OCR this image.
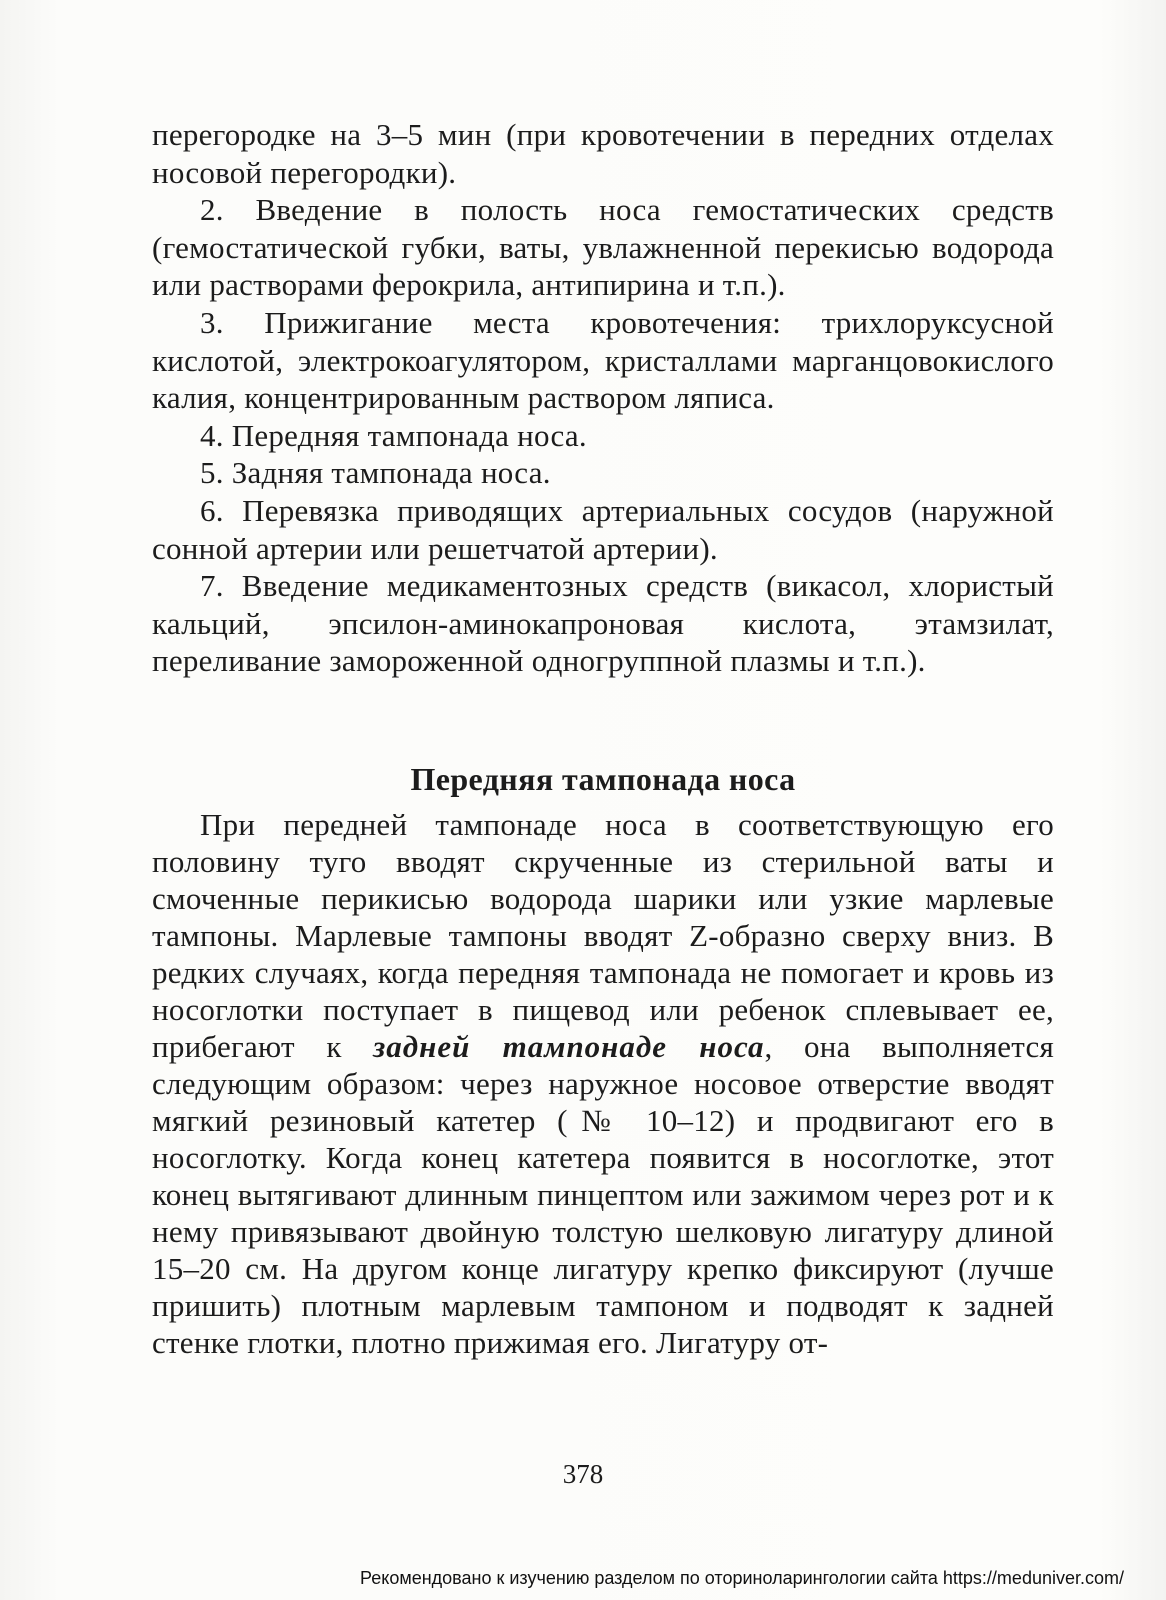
перегородке на 3–5 мин (при кровотечении в передних отделах носовой перегородки).

2. Введение в полость носа гемостатических средств (гемостатической губки, ваты, увлажненной перекисью водорода или растворами ферокрила, антипирина и т.п.).

3. Прижигание места кровотечения: трихлоруксусной кислотой, электрокоагулятором, кристаллами марганцовокислого калия, концентрированным раствором ляписа.

4. Передняя тампонада носа.

5. Задняя тампонада носа.

6. Перевязка приводящих артериальных сосудов (наружной сонной артерии или решетчатой артерии).

7. Введение медикаментозных средств (викасол, хлористый кальций, эпсилон-аминокапроновая кислота, этамзилат, переливание замороженной одногруппной плазмы и т.п.).

Передняя тампонада носа

При передней тампонаде носа в соответствующую его половину туго вводят скрученные из стерильной ваты и смоченные перикисью водорода шарики или узкие марлевые тампоны. Марлевые тампоны вводят Z-образно сверху вниз. В редких случаях, когда передняя тампонада не помогает и кровь из носоглотки поступает в пищевод или ребенок сплевывает ее, прибегают к задней тампонаде носа, она выполняется следующим образом: через наружное носовое отверстие вводят мягкий резиновый катетер (№ 10–12) и продвигают его в носоглотку. Когда конец катетера появится в носоглотке, этот конец вытягивают длинным пинцептом или зажимом через рот и к нему привязывают двойную толстую шелковую лигатуру длиной 15–20 см. На другом конце лигатуру крепко фиксируют (лучше пришить) плотным марлевым тампоном и подводят к задней стенке глотки, плотно прижимая его. Лигатуру от-

378
Рекомендовано к изучению разделом по оториноларингологии сайта https://meduniver.com/
